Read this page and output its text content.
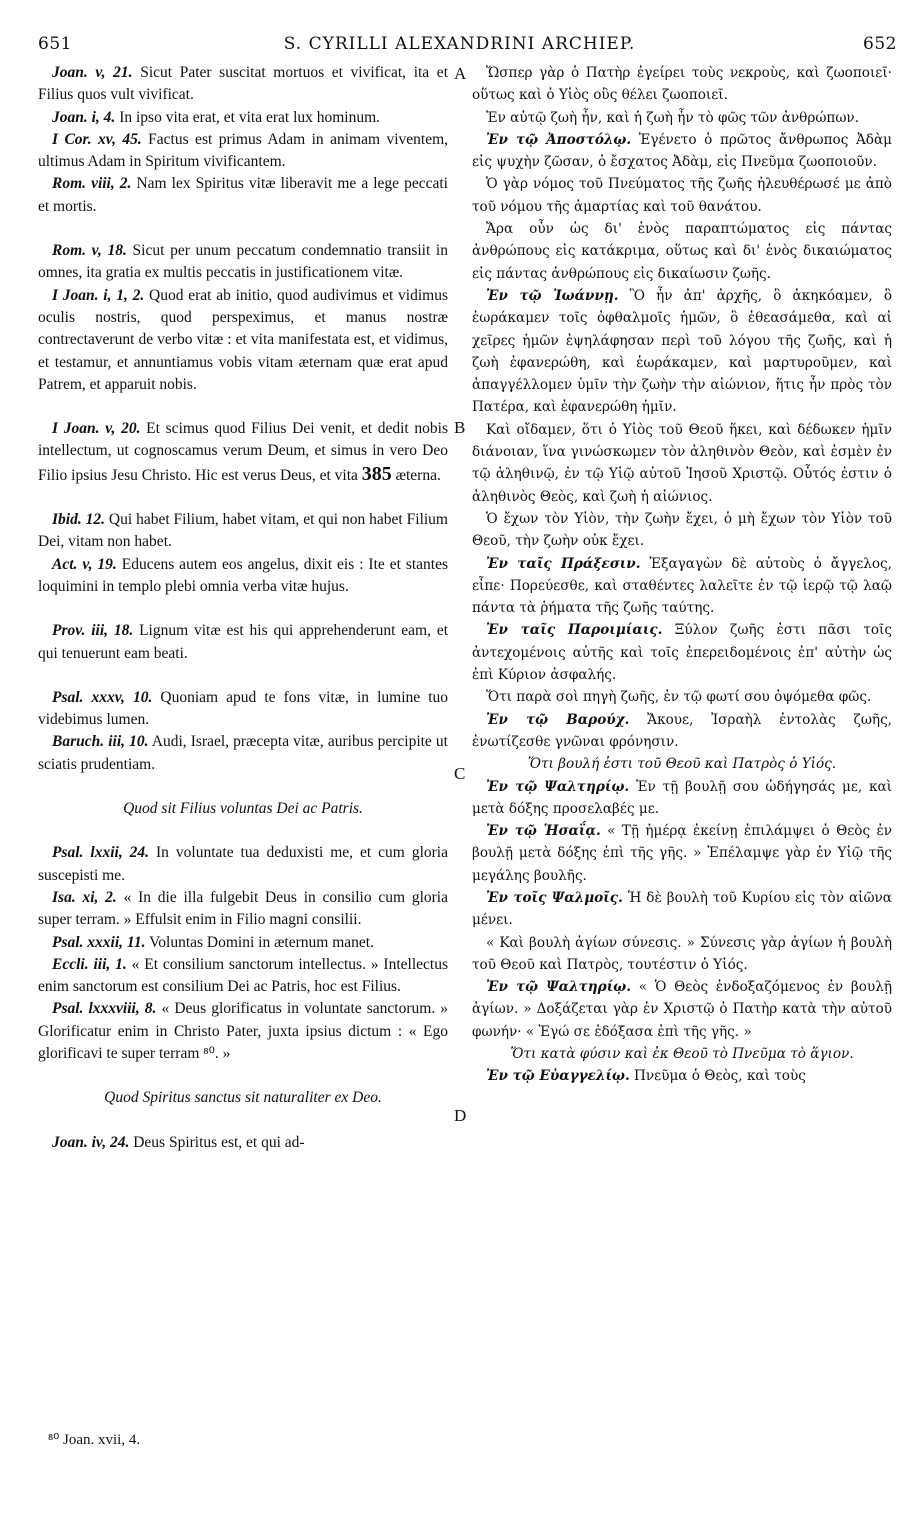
651	S. CYRILLI ALEXANDRINI ARCHIEP.	652
A
B
C
D
Joan. v, 21. Sicut Pater suscitat mortuos et vivificat, ita et Filius quos vult vivificat.
Joan. i, 4. In ipso vita erat, et vita erat lux hominum.
I Cor. xv, 45. Factus est primus Adam in animam viventem, ultimus Adam in Spiritum vivificantem.
Rom. viii, 2. Nam lex Spiritus vitæ liberavit me a lege peccati et mortis.
Rom. v, 18. Sicut per unum peccatum condemnatio transiit in omnes, ita gratia ex multis peccatis in justificationem vitæ.
I Joan. i, 1, 2. Quod erat ab initio, quod audivimus et vidimus oculis nostris, quod perspeximus, et manus nostræ contrectaverunt de verbo vitæ : et vita manifestata est, et vidimus, et testamur, et annuntiamus vobis vitam æternam quæ erat apud Patrem, et apparuit nobis.
I Joan. v, 20. Et scimus quod Filius Dei venit, et dedit nobis intellectum, ut cognoscamus verum Deum, et simus in vero Deo Filio ipsius Jesu Christo. Hic est verus Deus, et vita 385 æterna.
Ibid. 12. Qui habet Filium, habet vitam, et qui non habet Filium Dei, vitam non habet.
Act. v, 19. Educens autem eos angelus, dixit eis : Ite et stantes loquimini in templo plebi omnia verba vitæ hujus.
Prov. iii, 18. Lignum vitæ est his qui apprehenderunt eam, et qui tenuerunt eam beati.
Psal. xxxv, 10. Quoniam apud te fons vitæ, in lumine tuo videbimus lumen.
Baruch. iii, 10. Audi, Israel, præcepta vitæ, auribus percipite ut sciatis prudentiam.
Quod sit Filius voluntas Dei ac Patris.
Psal. lxxii, 24. In voluntate tua deduxisti me, et cum gloria suscepisti me.
Isa. xi, 2. « In die illa fulgebit Deus in consilio cum gloria super terram. » Effulsit enim in Filio magni consilii.
Psal. xxxii, 11. Voluntas Domini in æternum manet.
Eccli. iii, 1. « Et consilium sanctorum intellectus. » Intellectus enim sanctorum est consilium Dei ac Patris, hoc est Filius.
Psal. lxxxviii, 8. « Deus glorificatus in voluntate sanctorum. » Glorificatur enim in Christo Pater, juxta ipsius dictum : « Ego glorificavi te super terram ⁸⁰. »
Quod Spiritus sanctus sit naturaliter ex Deo.
Joan. iv, 24. Deus Spiritus est, et qui ad-
Ὥσπερ γὰρ ὁ Πατὴρ ἐγείρει τοὺς νεκροὺς, καὶ ζωοποιεῖ· οὕτως καὶ ὁ Υἱὸς οὓς θέλει ζωοποιεῖ.
Ἐν αὐτῷ ζωὴ ἦν, καὶ ἡ ζωὴ ἦν τὸ φῶς τῶν ἀνθρώπων.
Ἐν τῷ Ἀποστόλῳ. Ἐγένετο ὁ πρῶτος ἄνθρωπος Ἀδὰμ εἰς ψυχὴν ζῶσαν, ὁ ἔσχατος Ἀδὰμ, εἰς Πνεῦμα ζωοποιοῦν.
Ὁ γὰρ νόμος τοῦ Πνεύματος τῆς ζωῆς ἠλευθέρωσέ με ἀπὸ τοῦ νόμου τῆς ἁμαρτίας καὶ τοῦ θανάτου.
Ἄρα οὖν ὡς δι' ἑνὸς παραπτώματος εἰς πάντας ἀνθρώπους εἰς κατάκριμα, οὕτως καὶ δι' ἑνὸς δικαιώματος εἰς πάντας ἀνθρώπους εἰς δικαίωσιν ζωῆς.
Ἐν τῷ Ἰωάννῃ. Ὃ ἦν ἀπ' ἀρχῆς, ὃ ἀκηκόαμεν, ὃ ἑωράκαμεν τοῖς ὀφθαλμοῖς ἡμῶν, ὃ ἐθεασάμεθα, καὶ αἱ χεῖρες ἡμῶν ἐψηλάφησαν περὶ τοῦ λόγου τῆς ζωῆς, καὶ ἡ ζωὴ ἐφανερώθη, καὶ ἑωράκαμεν, καὶ μαρτυροῦμεν, καὶ ἀπαγγέλλομεν ὑμῖν τὴν ζωὴν τὴν αἰώνιον, ἥτις ἦν πρὸς τὸν Πατέρα, καὶ ἐφανερώθη ἡμῖν.
Καὶ οἴδαμεν, ὅτι ὁ Υἱὸς τοῦ Θεοῦ ἥκει, καὶ δέδωκεν ἡμῖν διάνοιαν, ἵνα γινώσκωμεν τὸν ἀληθινὸν Θεὸν, καὶ ἐσμὲν ἐν τῷ ἀληθινῷ, ἐν τῷ Υἱῷ αὐτοῦ Ἰησοῦ Χριστῷ. Οὗτός ἐστιν ὁ ἀληθινὸς Θεὸς, καὶ ζωὴ ἡ αἰώνιος.
Ὁ ἔχων τὸν Υἱὸν, τὴν ζωὴν ἔχει, ὁ μὴ ἔχων τὸν Υἱὸν τοῦ Θεοῦ, τὴν ζωὴν οὐκ ἔχει.
Ἐν ταῖς Πράξεσιν. Ἐξαγαγὼν δὲ αὐτοὺς ὁ ἄγγελος, εἶπε· Πορεύεσθε, καὶ σταθέντες λαλεῖτε ἐν τῷ ἱερῷ τῷ λαῷ πάντα τὰ ῥήματα τῆς ζωῆς ταύτης.
Ἐν ταῖς Παροιμίαις. Ξύλον ζωῆς ἐστι πᾶσι τοῖς ἀντεχομένοις αὐτῆς καὶ τοῖς ἐπερειδομένοις ἐπ' αὐτὴν ὡς ἐπὶ Κύριον ἀσφαλής.
Ὅτι παρὰ σοὶ πηγὴ ζωῆς, ἐν τῷ φωτί σου ὀψόμεθα φῶς.
Ἐν τῷ Βαρούχ. Ἄκουε, Ἰσραὴλ ἐντολὰς ζωῆς, ἐνωτίζεσθε γνῶναι φρόνησιν.
Ὅτι βουλή ἐστι τοῦ Θεοῦ καὶ Πατρὸς ὁ Υἱός.
Ἐν τῷ Ψαλτηρίῳ. Ἐν τῇ βουλῇ σου ὡδήγησάς με, καὶ μετὰ δόξης προσελαβές με.
Ἐν τῷ Ἡσαΐᾳ. « Τῇ ἡμέρᾳ ἐκείνῃ ἐπιλάμψει ὁ Θεὸς ἐν βουλῇ μετὰ δόξης ἐπὶ τῆς γῆς. » Ἐπέλαμψε γὰρ ἐν Υἱῷ τῆς μεγάλης βουλῆς.
Ἐν τοῖς Ψαλμοῖς. Ἡ δὲ βουλὴ τοῦ Κυρίου εἰς τὸν αἰῶνα μένει.
« Καὶ βουλὴ ἁγίων σύνεσις. » Σύνεσις γὰρ ἁγίων ἡ βουλὴ τοῦ Θεοῦ καὶ Πατρὸς, τουτέστιν ὁ Υἱός.
Ἐν τῷ Ψαλτηρίῳ. « Ὁ Θεὸς ἐνδοξαζόμενος ἐν βουλῇ ἁγίων. » Δοξάζεται γὰρ ἐν Χριστῷ ὁ Πατὴρ κατὰ τὴν αὐτοῦ φωνήν· « Ἐγώ σε ἐδόξασα ἐπὶ τῆς γῆς. »
Ὅτι κατὰ φύσιν καὶ ἐκ Θεοῦ τὸ Πνεῦμα τὸ ἅγιον.
Ἐν τῷ Εὐαγγελίῳ. Πνεῦμα ὁ Θεὸς, καὶ τοὺς
⁸⁰ Joan. xvii, 4.
